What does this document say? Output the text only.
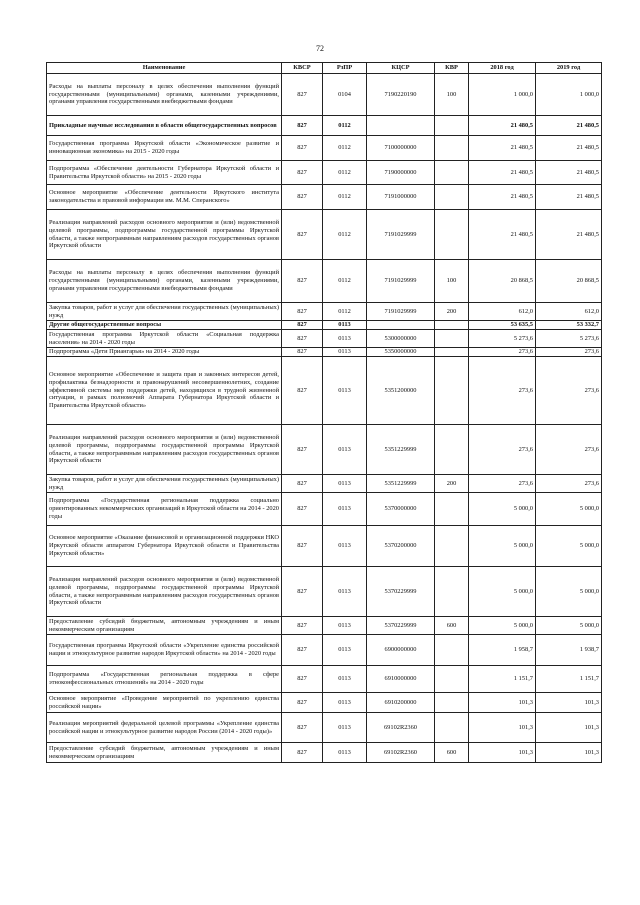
72
Наименование	КВСР	РзПР	КЦСР	КВР	2018 год	2019 год
Расходы на выплаты персоналу в целях обеспечения выполнения функций государственными (муниципальными) органами, казенными учреждениями, органами управления государственными внебюджетными фондами	827	0104	7190220190	100	1 000,0	1 000,0
Прикладные научные исследования в области общегосударственных вопросов	827	0112			21 480,5	21 480,5
Государственная программа Иркутской области «Экономическое развитие и инновационная экономика» на 2015 - 2020 годы	827	0112	7100000000		21 480,5	21 480,5
Подпрограмма «Обеспечение деятельности Губернатора Иркутской области и Правительства Иркутской области» на 2015 - 2020 годы	827	0112	7190000000		21 480,5	21 480,5
Основное мероприятие «Обеспечение деятельности Иркутского института законодательства и правовой информации им. М.М. Сперанского»	827	0112	7191000000		21 480,5	21 480,5
Реализация направлений расходов основного мероприятия и (или) ведомственной целевой программы, подпрограммы государственной программы Иркутской области, а также непрограммным направлениям расходов государственных органов Иркутской области	827	0112	7191029999		21 480,5	21 480,5
Расходы на выплаты персоналу в целях обеспечения выполнения функций государственными (муниципальными) органами, казенными учреждениями, органами управления государственными внебюджетными фондами	827	0112	7191029999	100	20 868,5	20 868,5
Закупка товаров, работ и услуг для обеспечения государственных (муниципальных) нужд	827	0112	7191029999	200	612,0	612,0
Другие общегосударственные вопросы	827	0113			53 635,5	53 332,7
Государственная программа Иркутской области «Социальная поддержка населения» на 2014 - 2020 годы	827	0113	5300000000		5 273,6	5 273,6
Подпрограмма «Дети Приангарья» на 2014 - 2020 годы	827	0113	5350000000		273,6	273,6
Основное мероприятие «Обеспечение и защита прав и законных интересов детей, профилактика безнадзорности и правонарушений несовершеннолетних, создание эффективной системы мер поддержки детей, находящихся в трудной жизненной ситуации, в рамках полномочий Аппарата Губернатора Иркутской области и Правительства Иркутской области»	827	0113	5351200000		273,6	273,6
Реализация направлений расходов основного мероприятия и (или) ведомственной целевой программы, подпрограммы государственной программы Иркутской области, а также непрограммным направлениям расходов государственных органов Иркутской области	827	0113	5351229999		273,6	273,6
Закупка товаров, работ и услуг для обеспечения государственных (муниципальных) нужд	827	0113	5351229999	200	273,6	273,6
Подпрограмма «Государственная региональная поддержка социально ориентированных некоммерческих организаций в Иркутской области на 2014 - 2020 годы	827	0113	5370000000		5 000,0	5 000,0
Основное мероприятие «Оказание финансовой и организационной поддержки НКО Иркутской области аппаратом Губернатора Иркутской области и Правительства Иркутской области»	827	0113	5370200000		5 000,0	5 000,0
Реализация направлений расходов основного мероприятия и (или) ведомственной целевой программы, подпрограммы государственной программы Иркутской области, а также непрограммным направлениям расходов государственных органов Иркутской области	827	0113	5370229999		5 000,0	5 000,0
Предоставление субсидий бюджетным, автономным учреждениям и иным некоммерческим организациям	827	0113	5370229999	600	5 000,0	5 000,0
Государственная программа Иркутской области «Укрепление единства российской нации и этнокультурное развитие народов Иркутской области» на 2014 - 2020 годы	827	0113	6900000000		1 958,7	1 938,7
Подпрограмма «Государственная региональная поддержка в сфере этноконфессиональных отношений» на 2014 - 2020 годы	827	0113	6910000000		1 151,7	1 151,7
Основное мероприятие «Проведение мероприятий по укреплению единства российской нации»	827	0113	6910200000		101,3	101,3
Реализация мероприятий федеральной целевой программы «Укрепление единства российской нации и этнокультурное развитие народов России (2014 - 2020 годы)»	827	0113	69102R2360		101,3	101,3
Предоставление субсидий бюджетным, автономным учреждениям и иным некоммерческим организациям	827	0113	69102R2360	600	101,3	101,3
